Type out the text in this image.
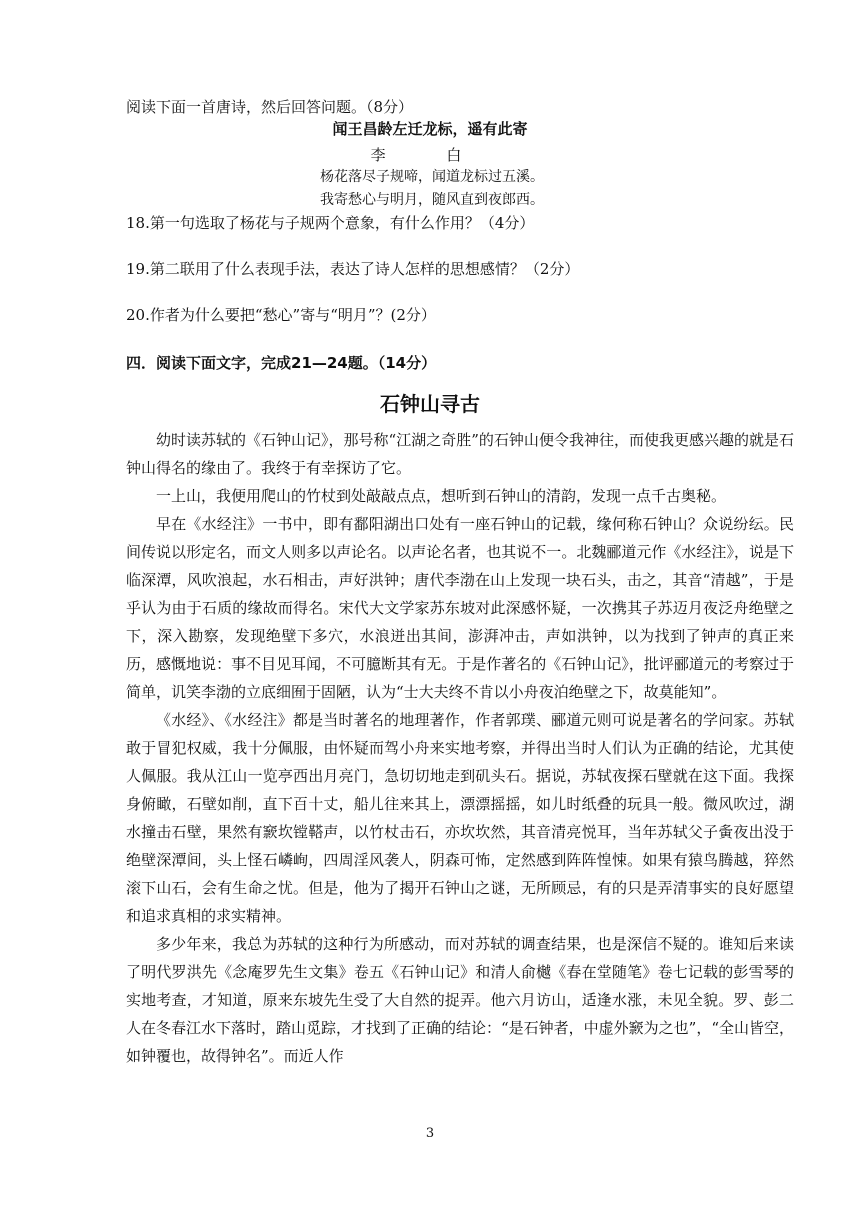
阅读下面一首唐诗，然后回答问题。（8分）
闻王昌龄左迁龙标，遥有此寄
李 白
杨花落尽子规啼，闻道龙标过五溪。
我寄愁心与明月，随风直到夜郎西。
18.第一句选取了杨花与子规两个意象，有什么作用？（4分）
19.第二联用了什么表现手法，表达了诗人怎样的思想感情？（2分）
20.作者为什么要把“愁心”寄与“明月”？(2分）
四．阅读下面文字，完成21—24题。（14分）
石钟山寻古

幼时读苏轼的《石钟山记》，那号称“江湖之奇胜”的石钟山便令我神往，而使我更感兴趣的就是石钟山得名的缘由了。我终于有幸探访了它。

一上山，我便用爬山的竹杖到处敲敲点点，想听到石钟山的清韵，发现一点千古奥秘。

早在《水经注》一书中，即有鄱阳湖出口处有一座石钟山的记载，缘何称石钟山？众说纷纭。民间传说以形定名，而文人则多以声论名。以声论名者，也其说不一。北魏郦道元作《水经注》，说是下临深潭，风吹浪起，水石相击，声好洪钟；唐代李渤在山上发现一块石头，击之，其音“清越”，于是乎认为由于石质的缘故而得名。宋代大文学家苏东坡对此深感怀疑，一次携其子苏迈月夜泛舟绝壁之下，深入勘察，发现绝壁下多穴，水浪迸出其间，澎湃冲击，声如洪钟，以为找到了钟声的真正来历，感慨地说：事不目见耳闻，不可臆断其有无。于是作著名的《石钟山记》，批评郦道元的考察过于简单，讥笑李渤的立底细囿于固陋，认为“士大夫终不肯以小舟夜泊绝壁之下，故莫能知”。

《水经》、《水经注》都是当时著名的地理著作，作者郭璞、郦道元则可说是著名的学问家。苏轼敢于冒犯权威，我十分佩服，由怀疑而驾小舟来实地考察，并得出当时人们认为正确的结论，尤其使人佩服。我从江山一览亭西出月亮门，急切切地走到矶头石。据说，苏轼夜探石壁就在这下面。我探身俯瞰，石壁如削，直下百十丈，船儿往来其上，漂漂摇摇，如儿时纸叠的玩具一般。微风吹过，湖水撞击石壁，果然有窾坎镗鞳声，以竹杖击石，亦坎坎然，其音清亮悦耳，当年苏轼父子夤夜出没于绝壁深潭间，头上怪石嶙峋，四周淫风袭人，阴森可怖，定然感到阵阵惶悚。如果有猿鸟腾越，猝然滚下山石，会有生命之忧。但是，他为了揭开石钟山之谜，无所顾忌，有的只是弄清事实的良好愿望和追求真相的求实精神。

多少年来，我总为苏轼的这种行为所感动，而对苏轼的调查结果，也是深信不疑的。谁知后来读了明代罗洪先《念庵罗先生文集》卷五《石钟山记》和清人俞樾《春在堂随笔》卷七记载的彭雪琴的实地考查，才知道，原来东坡先生受了大自然的捉弄。他六月访山，适逢水涨，未见全貌。罗、彭二人在冬春江水下落时，踏山觅踪，才找到了正确的结论：“是石钟者，中虚外窾为之也”，“全山皆空，如钟覆也，故得钟名”。而近人作

3
